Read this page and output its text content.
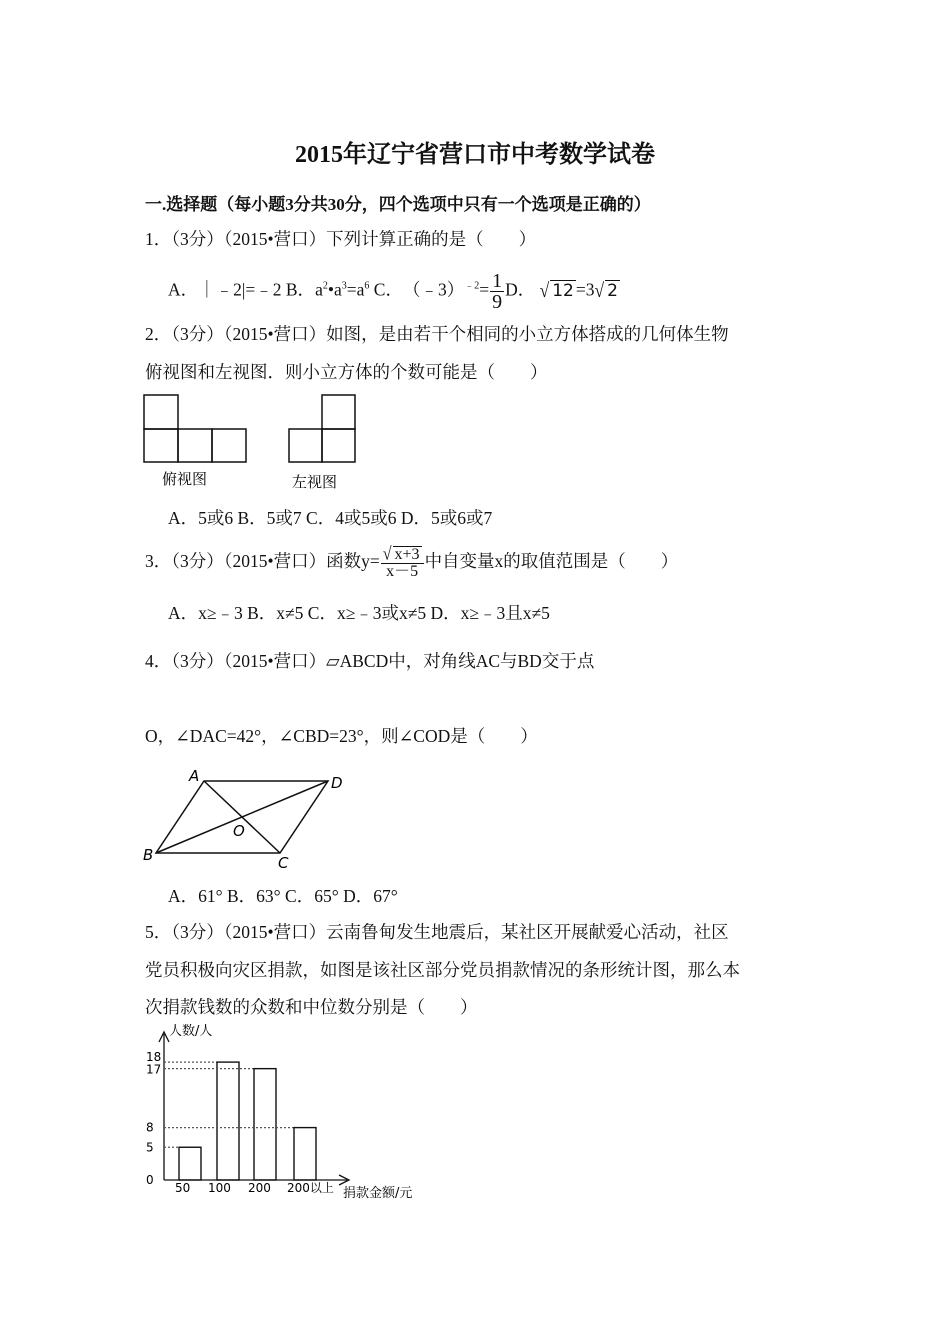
2015年辽宁省营口市中考数学试卷
一.选择题（每小题3分共30分，四个选项中只有一个选项是正确的）
1．（3分）（2015•营口）下列计算正确的是（　　）
A．｜﹣2|=﹣2 B．$a^2•a^3=a^6$ C．　（﹣3）$^{﹣2}$= $\frac{1}{9}$ D． √ 12 =3√ 2
2．（3分）（2015•营口）如图，是由若干个相同的小立方体搭成的几何体生物
俯视图和左视图．则小立方体的个数可能是（　　）
俯视图	左视图
A．5或6 B．5或7 C．4或5或6 D．5或6或7
3．（3分）（2015•营口）函数$y= \frac{√ x+3}{x-5}$ 中自变量x的取值范围是（　　）
A．x≥﹣3 B．x≠5 C．x≥﹣3或x≠5 D．x≥﹣3且x≠5
4．（3分）（2015•营口）▱ABCD中，对角线AC与BD交于点
O，∠DAC=42°，∠CBD=23°，则∠COD是（　　）
A	D
O
B	C
A．61° B．63° C．65° D．67°
5．（3分）（2015•营口）云南鲁甸发生地震后，某社区开展献爱心活动，社区
党员积极向灾区捐款，如图是该社区部分党员捐款情况的条形统计图，那么本
次捐款钱数的众数和中位数分别是（　　）
人数/人
捐款金额/元
0
5
8
17
18
50 100 200 200以上
